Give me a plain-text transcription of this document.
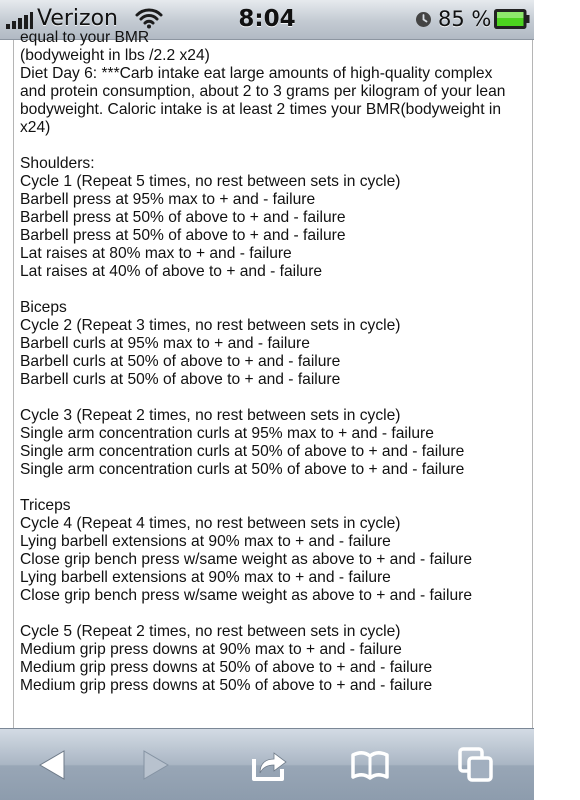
Verizon	8:04	85 %
equal to your BMR
(bodyweight in lbs /2.2 x24)
Diet Day 6: ***Carb intake eat large amounts of high-quality complex
and protein consumption, about 2 to 3 grams per kilogram of your lean
bodyweight. Caloric intake is at least 2 times your BMR(bodyweight in
x24)
Shoulders:
Cycle 1 (Repeat 5 times, no rest between sets in cycle)
Barbell press at 95% max to + and - failure
Barbell press at 50% of above to + and - failure
Barbell press at 50% of above to + and - failure
Lat raises at 80% max to + and - failure
Lat raises at 40% of above to + and - failure
Biceps
Cycle 2 (Repeat 3 times, no rest between sets in cycle)
Barbell curls at 95% max to + and - failure
Barbell curls at 50% of above to + and - failure
Barbell curls at 50% of above to + and - failure
Cycle 3 (Repeat 2 times, no rest between sets in cycle)
Single arm concentration curls at 95% max to + and - failure
Single arm concentration curls at 50% of above to + and - failure
Single arm concentration curls at 50% of above to + and - failure
Triceps
Cycle 4 (Repeat 4 times, no rest between sets in cycle)
Lying barbell extensions at 90% max to + and - failure
Close grip bench press w/same weight as above to + and - failure
Lying barbell extensions at 90% max to + and - failure
Close grip bench press w/same weight as above to + and - failure
Cycle 5 (Repeat 2 times, no rest between sets in cycle)
Medium grip press downs at 90% max to + and - failure
Medium grip press downs at 50% of above to + and - failure
Medium grip press downs at 50% of above to + and - failure
